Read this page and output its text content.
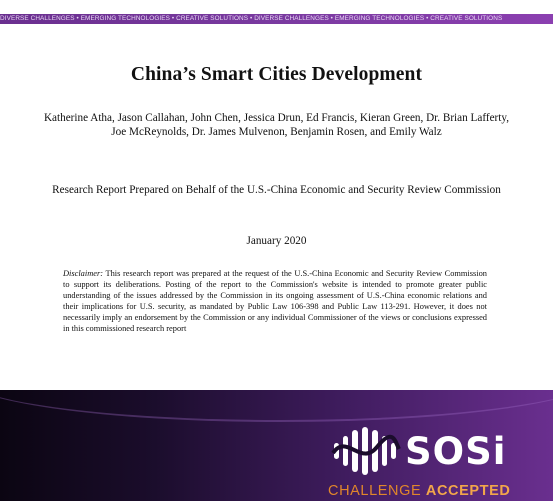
DIVERSE CHALLENGES • EMERGING TECHNOLOGIES • CREATIVE SOLUTIONS • DIVERSE CHALLENGES • EMERGING TECHNOLOGIES • CREATIVE SOLUTIONS
China’s Smart Cities Development
Katherine Atha, Jason Callahan, John Chen, Jessica Drun, Ed Francis, Kieran Green, Dr. Brian Lafferty, Joe McReynolds, Dr. James Mulvenon, Benjamin Rosen, and Emily Walz
Research Report Prepared on Behalf of the U.S.-China Economic and Security Review Commission
January 2020
Disclaimer: This research report was prepared at the request of the U.S.-China Economic and Security Review Commission to support its deliberations. Posting of the report to the Commission's website is intended to promote greater public understanding of the issues addressed by the Commission in its ongoing assessment of U.S.-China economic relations and their implications for U.S. security, as mandated by Public Law 106-398 and Public Law 113-291. However, it does not necessarily imply an endorsement by the Commission or any individual Commissioner of the views or conclusions expressed in this commissioned research report
SOSi
CHALLENGE ACCEPTED
